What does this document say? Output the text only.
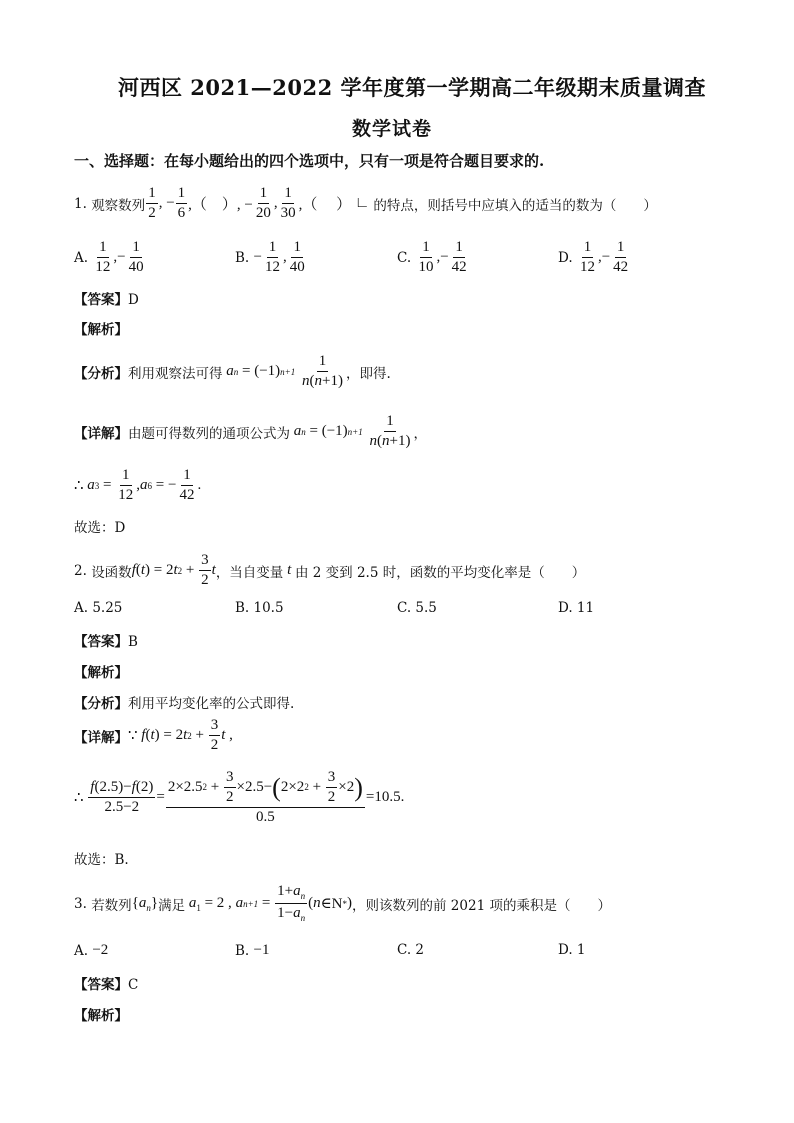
河西区 2021—2022 学年度第一学期高二年级期末质量调查
数学试卷
一、选择题：在每小题给出的四个选项中，只有一项是符合题目要求的.
1.
观察数列 $\frac{1}{2}$ , − $\frac{1}{6}$ ,（    ）, − $\frac{1}{20}$ , $\frac{1}{30}$ ,（     ） ∟
的特点，则括号中应填入的适当的数为（　　）
A.
$\frac{1}{12}$ ,− $\frac{1}{40}$	B.
− $\frac{1}{12}$ , $\frac{1}{40}$	C.
$\frac{1}{10}$ ,− $\frac{1}{42}$	D.
$\frac{1}{12}$ ,− $\frac{1}{42}$
【答案】D
【解析】
【分析】 利用观察法可得
a n = (−1) n+1
$\frac{1}{n(n+1)}$ ，即得.
【详解】 由题可得数列的通项公式为
a n = (−1) n+1
$\frac{1}{n(n+1)}$ ，
∴ a $3 = \frac{1}{12}$ , a 6 = − $\frac{1}{42}$ .
故选：D
2.
设函数 f ( t ) = 2 t $2 + \frac{3}{2}$ t ，当自变量 t 由 2 变到 2.5 时，函数的平均变化率是（　　）
A. 5.25	B. 10.5	C. 5.5	D. 11
【答案】B
【解析】
【分析】利用平均变化率的公式即得.
【详解】 ∵ f ( t ) = 2 t $2 + \frac{3}{2}$ t ,
∴ $\frac{f(2.5)-f(2)}{2.5-2} = \frac{2\times 2.5 2 + \frac{3}{2} \times 2.5- ( 2\times 2 2 + \frac{3}{2} \times 2 )}{0.5} =10.5$.
故选：B.
3.
若数列 $\{a_n\}$ 满足 $a_1 = 2$ , a $n+1 = \frac{1+a_n}{1-a_n}$ ( n ∈N * ) ，则该数列的前 2021 项的乘积是（　　）
A.
−2	B.
−1	C. 2	D. 1
【答案】C
【解析】
